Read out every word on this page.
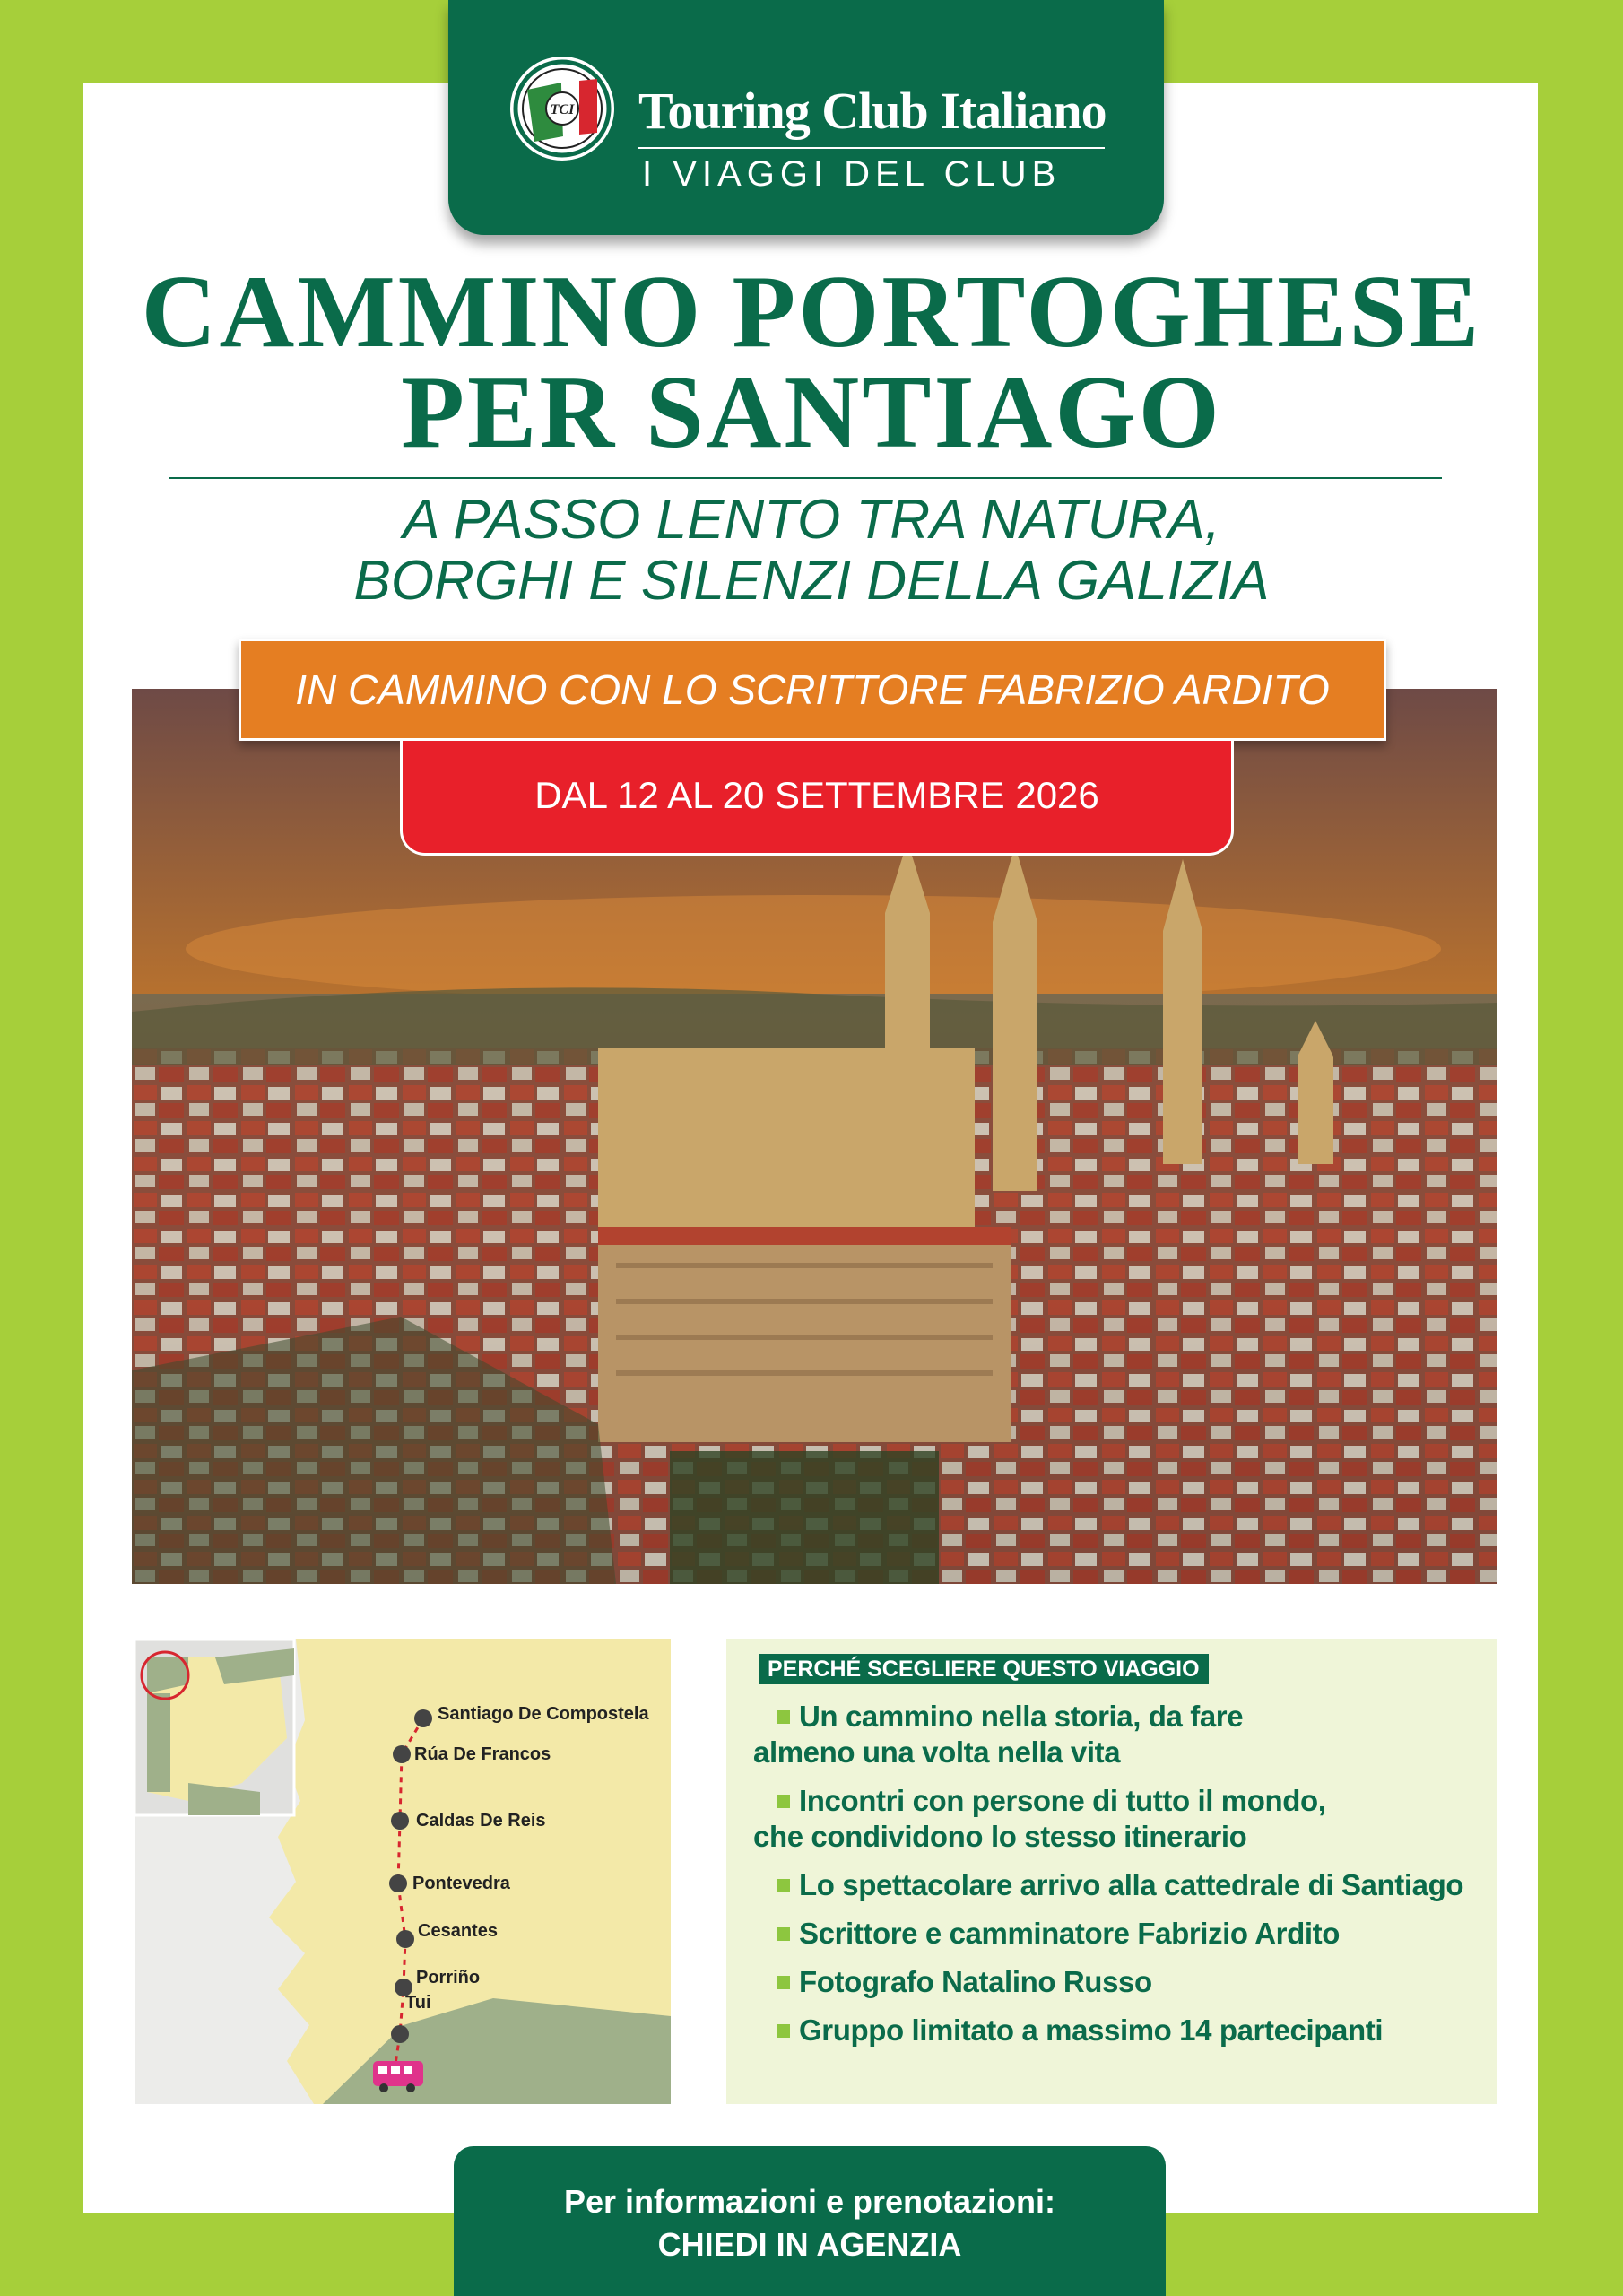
TCI Touring Club Italiano
I VIAGGI DEL CLUB
CAMMINO PORTOGHESE
PER SANTIAGO
A PASSO LENTO TRA NATURA,
BORGHI E SILENZI DELLA GALIZIA
IN CAMMINO CON LO SCRITTORE FABRIZIO ARDITO
DAL 12 AL 20 SETTEMBRE 2026
Santiago De Compostela
Rúa De Francos
Caldas De Reis
Pontevedra
Cesantes
Porriño
Tui
PERCHÉ SCEGLIERE QUESTO VIAGGIO
Un cammino nella storia, da fare
almeno una volta nella vita
Incontri con persone di tutto il mondo,
che condividono lo stesso itinerario
Lo spettacolare arrivo alla cattedrale di Santiago
Scrittore e camminatore Fabrizio Ardito
Fotografo Natalino Russo
Gruppo limitato a massimo 14 partecipanti
Per informazioni e prenotazioni:
CHIEDI IN AGENZIA
